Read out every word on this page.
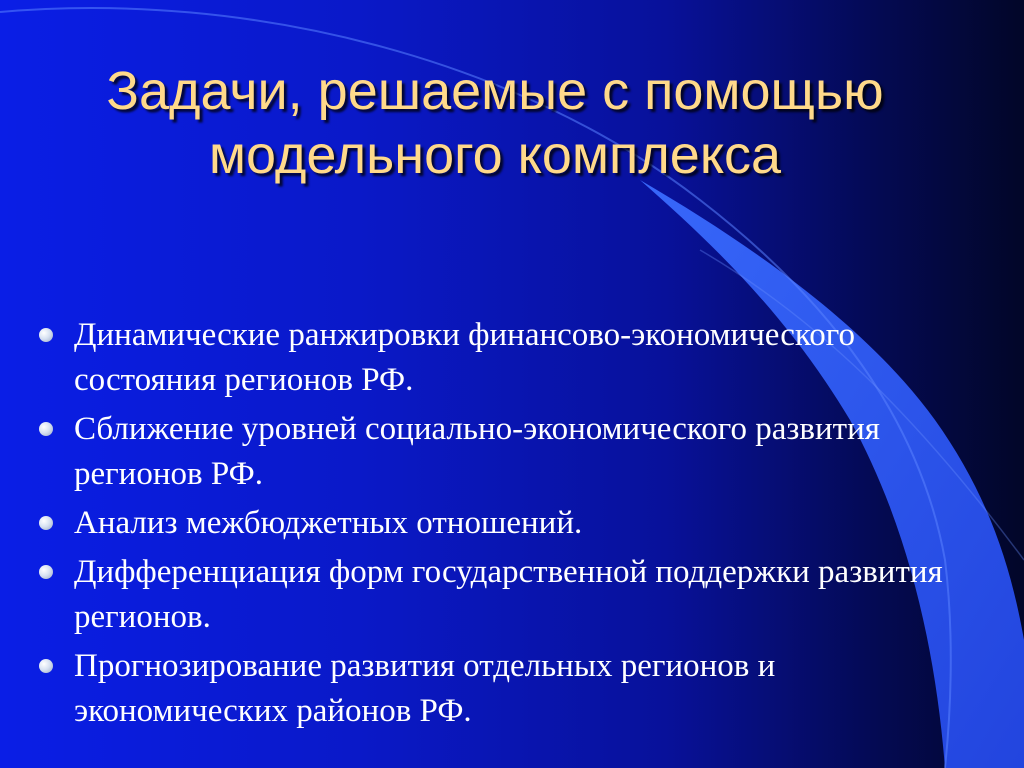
Задачи, решаемые с помощью
модельного комплекса
Динамические ранжировки финансово-экономического состояния регионов РФ.
Сближение уровней социально-экономического развития регионов РФ.
Анализ межбюджетных отношений.
Дифференциация форм государственной поддержки развития регионов.
Прогнозирование развития отдельных регионов и экономических районов РФ.
